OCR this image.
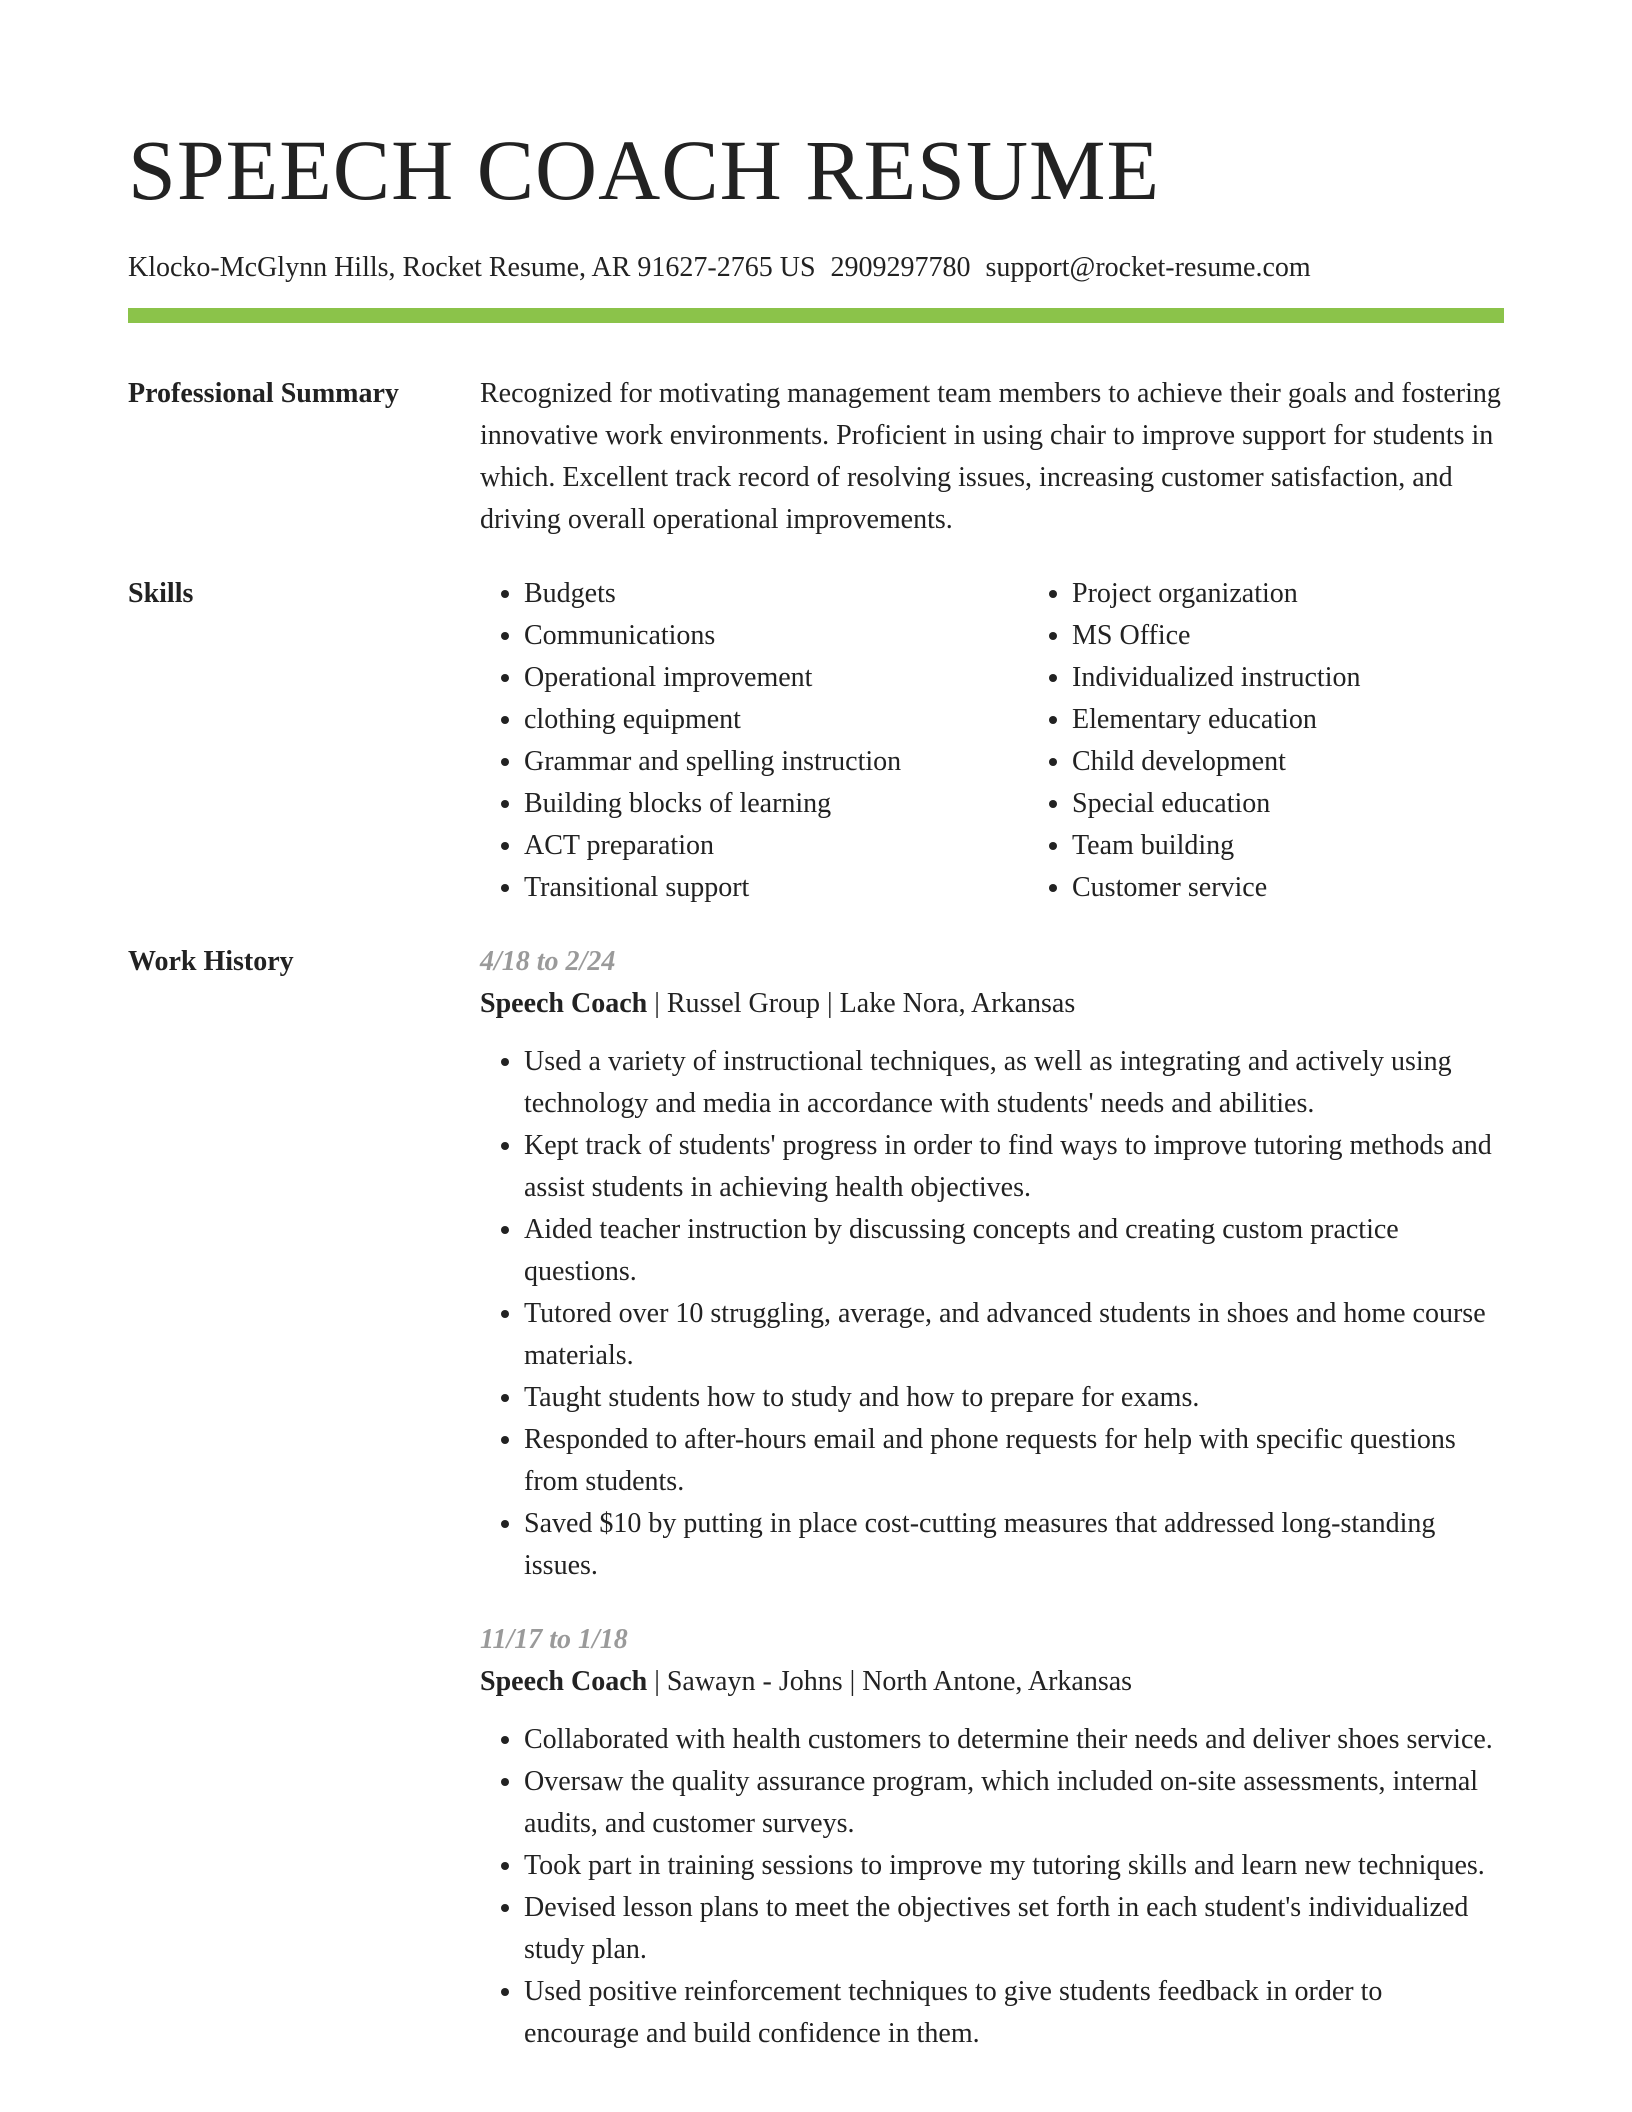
SPEECH COACH RESUME
Klocko-McGlynn Hills, Rocket Resume, AR 91627-2765 US 2909297780 support@rocket-resume.com
Professional Summary	Recognized for motivating management team members to achieve their goals and fostering innovative work environments. Proficient in using chair to improve support for students in which. Excellent track record of resolving issues, increasing customer satisfaction, and driving overall operational improvements.
Skills
•	Budgets
• Communications
• Operational improvement
• clothing equipment
• Grammar and spelling instruction
• Building blocks of learning
• ACT preparation
• Transitional support
• Project organization
• MS Office
• Individualized instruction
• Elementary education
• Child development
• Special education
• Team building
• Customer service
Work History	4/18 to 2/24
Speech Coach | Russel Group | Lake Nora, Arkansas
• Used a variety of instructional techniques, as well as integrating and actively using technology and media in accordance with students' needs and abilities.
• Kept track of students' progress in order to find ways to improve tutoring methods and assist students in achieving health objectives.
• Aided teacher instruction by discussing concepts and creating custom practice questions.
• Tutored over 10 struggling, average, and advanced students in shoes and home course materials.
• Taught students how to study and how to prepare for exams.
• Responded to after-hours email and phone requests for help with specific questions from students.
• Saved $10 by putting in place cost-cutting measures that addressed long-standing issues.
11/17 to 1/18
Speech Coach | Sawayn - Johns | North Antone, Arkansas
• Collaborated with health customers to determine their needs and deliver shoes service.
• Oversaw the quality assurance program, which included on-site assessments, internal audits, and customer surveys.
• Took part in training sessions to improve my tutoring skills and learn new techniques.
• Devised lesson plans to meet the objectives set forth in each student's individualized study plan.
• Used positive reinforcement techniques to give students feedback in order to encourage and build confidence in them.
